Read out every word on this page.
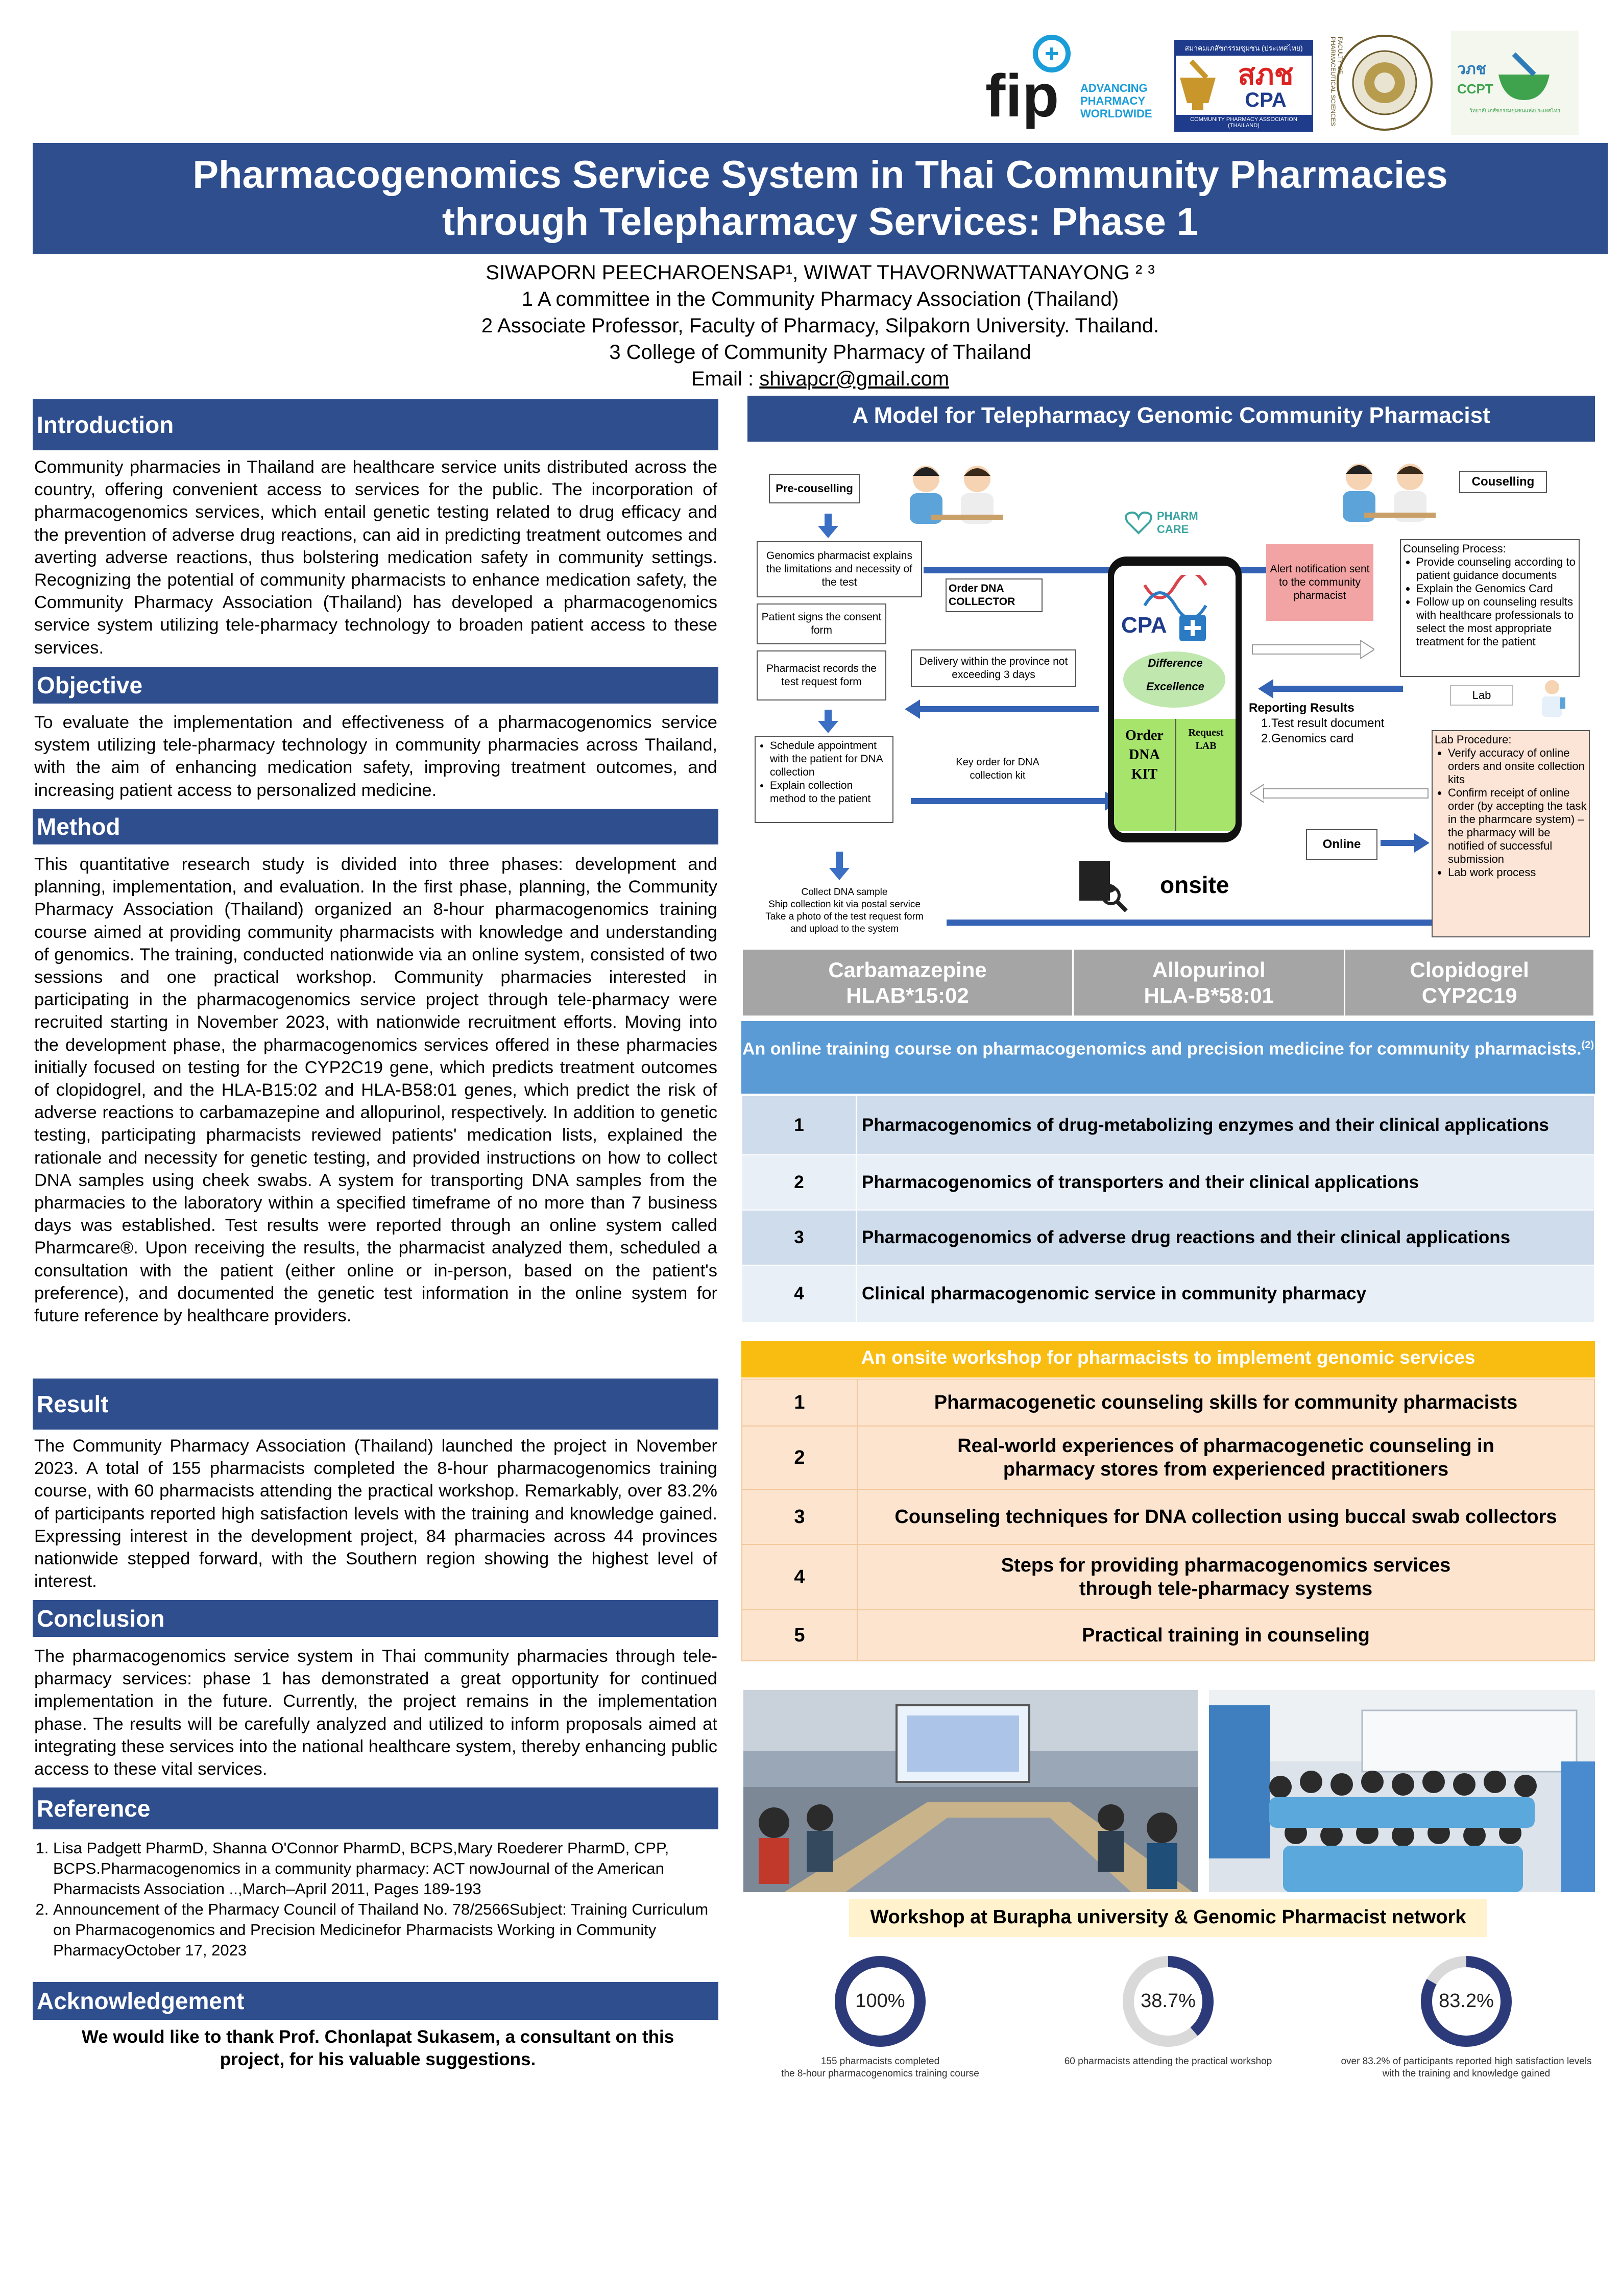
fip ADVANCING
PHARMACY
WORLDWIDE
สมาคมเภสัชกรรมชุมชน (ประเทศไทย)
สภช
CPA
COMMUNITY PHARMACY ASSOCIATION (THAILAND)
FACULTY OF PHARMACEUTICAL SCIENCES	วภช
CCPT
วิทยาลัยเภสัชกรรมชุมชนแห่งประเทศไทย
Pharmacogenomics Service System in Thai Community Pharmacies
through Telepharmacy Services: Phase 1
SIWAPORN PEECHAROENSAP¹, WIWAT THAVORNWATTANAYONG ² ³
1 A committee in the Community Pharmacy Association (Thailand)
2 Associate Professor, Faculty of Pharmacy, Silpakorn University. Thailand.
3 College of Community Pharmacy of Thailand
Email : shivapcr@gmail.com
Introduction
Community pharmacies in Thailand are healthcare service units distributed across the country, offering convenient access to services for the public. The incorporation of pharmacogenomics services, which entail genetic testing related to drug efficacy and the prevention of adverse drug reactions, can aid in predicting treatment outcomes and averting adverse reactions, thus bolstering medication safety in community settings. Recognizing the potential of community pharmacists to enhance medication safety, the Community Pharmacy Association (Thailand) has developed a pharmacogenomics service system utilizing tele-pharmacy technology to broaden patient access to these services.
Objective
To evaluate the implementation and effectiveness of a pharmacogenomics service system utilizing tele-pharmacy technology in community pharmacies across Thailand, with the aim of enhancing medication safety, improving treatment outcomes, and increasing patient access to personalized medicine.
Method
This quantitative research study is divided into three phases: development and planning, implementation, and evaluation. In the first phase, planning, the Community Pharmacy Association (Thailand) organized an 8-hour pharmacogenomics training course aimed at providing community pharmacists with knowledge and understanding of genomics. The training, conducted nationwide via an online system, consisted of two sessions and one practical workshop. Community pharmacies interested in participating in the pharmacogenomics service project through tele-pharmacy were recruited starting in November 2023, with nationwide recruitment efforts. Moving into the development phase, the pharmacogenomics services offered in these pharmacies initially focused on testing for the CYP2C19 gene, which predicts treatment outcomes of clopidogrel, and the HLA-B15:02 and HLA-B58:01 genes, which predict the risk of adverse reactions to carbamazepine and allopurinol, respectively. In addition to genetic testing, participating pharmacists reviewed patients' medication lists, explained the rationale and necessity for genetic testing, and provided instructions on how to collect DNA samples using cheek swabs. A system for transporting DNA samples from the pharmacies to the laboratory within a specified timeframe of no more than 7 business days was established. Test results were reported through an online system called Pharmcare®. Upon receiving the results, the pharmacist analyzed them, scheduled a consultation with the patient (either online or in-person, based on the patient's preference), and documented the genetic test information in the online system for future reference by healthcare providers.
Result
The Community Pharmacy Association (Thailand) launched the project in November 2023. A total of 155 pharmacists completed the 8-hour pharmacogenomics training course, with 60 pharmacists attending the practical workshop. Remarkably, over 83.2% of participants reported high satisfaction levels with the training and knowledge gained. Expressing interest in the development project, 84 pharmacies across 44 provinces nationwide stepped forward, with the Southern region showing the highest level of interest.
Conclusion
The pharmacogenomics service system in Thai community pharmacies through tele-pharmacy services: phase 1 has demonstrated a great opportunity for continued implementation in the future. Currently, the project remains in the implementation phase. The results will be carefully analyzed and utilized to inform proposals aimed at integrating these services into the national healthcare system, thereby enhancing public access to these vital services.
Reference
1. Lisa Padgett PharmD, Shanna O'Connor PharmD, BCPS,Mary Roederer PharmD, CPP, BCPS.Pharmacogenomics in a community pharmacy: ACT nowJournal of the American Pharmacists Association ..,March–April 2011, Pages 189-193
2. Announcement of the Pharmacy Council of Thailand No. 78/2566Subject: Training Curriculum on Pharmacogenomics and Precision Medicinefor Pharmacists Working in Community PharmacyOctober 17, 2023
Acknowledgement
We would like to thank Prof. Chonlapat Sukasem, a consultant on this project, for his valuable suggestions.
A Model for Telepharmacy Genomic Community Pharmacist
Pre-couselling	Couselling
Genomics pharmacist explains the limitations and necessity of the test
Patient signs the consent form
Pharmacist records the test request form
Order DNA COLLECTOR
Delivery within the province not exceeding 3 days
• Schedule appointment with the patient for DNA collection
• Explain collection method to the patient
Key order for DNA collection kit
Collect DNA sample
Ship collection kit via postal service
Take a photo of the test request form
and upload to the system
PHARM CARE
CPA
Difference
Excellence
Order DNA KIT
Request LAB
Alert notification sent to the community pharmacist
Counseling Process:
• Provide counseling according to patient guidance documents
• Explain the Genomics Card
• Follow up on counseling results with healthcare professionals to select the most appropriate treatment for the patient
Reporting Results
1.Test result document
2.Genomics card
Lab
Lab Procedure:
• Verify accuracy of online orders and onsite collection kits
• Confirm receipt of online order (by accepting the task in the pharmcare system) – the pharmacy will be notified of successful submission
• Lab work process
Online
onsite
Carbamazepine
HLAB*15:02

Allopurinol
HLA-B*58:01

Clopidogrel
CYP2C19
An online training course on pharmacogenomics and precision medicine for community pharmacists.$^{(2)}$
1	Pharmacogenomics of drug-metabolizing enzymes and their clinical applications
2	Pharmacogenomics of transporters and their clinical applications
3	Pharmacogenomics of adverse drug reactions and their clinical applications
4	Clinical pharmacogenomic service in community pharmacy
An onsite workshop for pharmacists to implement genomic services
1	Pharmacogenetic counseling skills for community pharmacists
2	Real-world experiences of pharmacogenetic counseling in pharmacy stores from experienced practitioners
3	Counseling techniques for DNA collection using buccal swab collectors
4	Steps for providing pharmacogenomics services through tele-pharmacy systems
5	Practical training in counseling
Workshop at Burapha university & Genomic Pharmacist network
100%
155 pharmacists completed
the 8-hour pharmacogenomics training course
38.7%
60 pharmacists attending the practical workshop
83.2%
over 83.2% of participants reported high satisfaction levels
with the training and knowledge gained
